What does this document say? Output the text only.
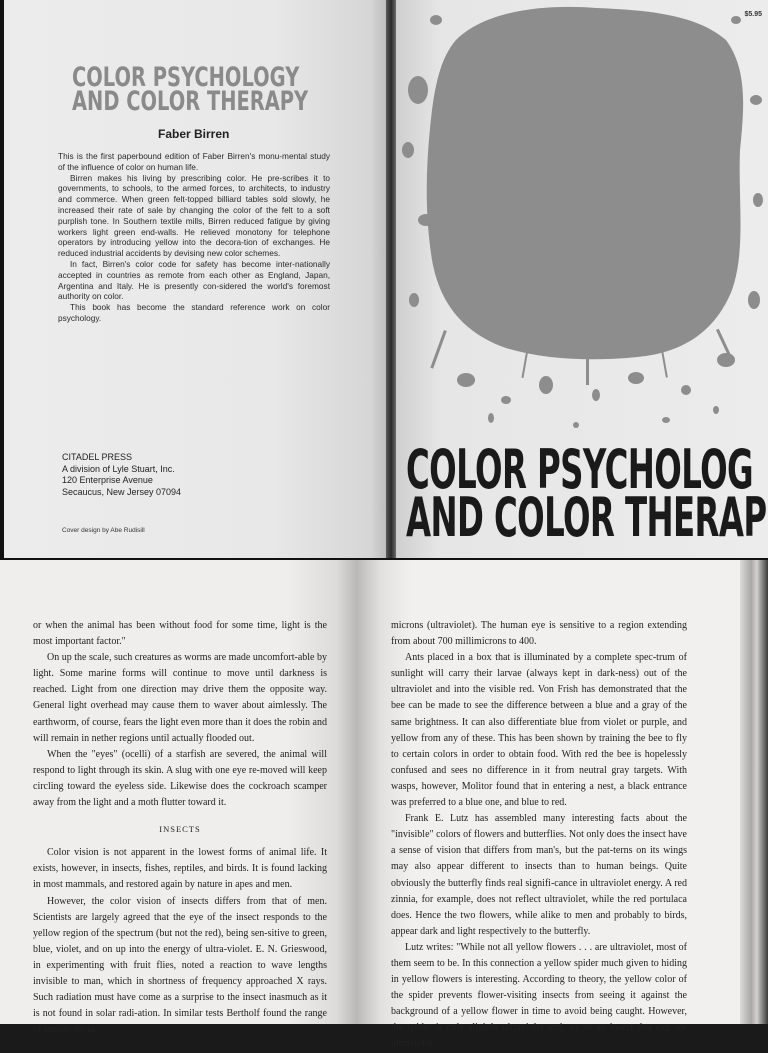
COLOR PSYCHOLOGY
AND COLOR THERAPY
Faber Birren

This is the first paperbound edition of Faber Birren's monu-mental study of the influence of color on human life.

Birren makes his living by prescribing color. He pre-scribes it to governments, to schools, to the armed forces, to architects, to industry and commerce. When green felt-topped billiard tables sold slowly, he increased their rate of sale by changing the color of the felt to a soft purplish tone. In Southern textile mills, Birren reduced fatigue by giving workers light green end-walls. He relieved monotony for telephone operators by introducing yellow into the decora-tion of exchanges. He reduced industrial accidents by devising new color schemes.

In fact, Birren's color code for safety has become inter-nationally accepted in countries as remote from each other as England, Japan, Argentina and Italy. He is presently con-sidered the world's foremost authority on color.

This book has become the standard reference work on color psychology.

CITADEL PRESS
A division of Lyle Stuart, Inc.
120 Enterprise Avenue
Secaucus, New Jersey 07094
Cover design by Abe Rudisill
$5.95
COLOR PSYCHOLOG
AND COLOR THERAP

or when the animal has been without food for some time, light is the most important factor."

On up the scale, such creatures as worms are made uncomfort-able by light. Some marine forms will continue to move until darkness is reached. Light from one direction may drive them the opposite way. General light overhead may cause them to waver about aimlessly. The earthworm, of course, fears the light even more than it does the robin and will remain in nether regions until actually flooded out.

When the "eyes" (ocelli) of a starfish are severed, the animal will respond to light through its skin. A slug with one eye re-moved will keep circling toward the eyeless side. Likewise does the cockroach scamper away from the light and a moth flutter toward it.

INSECTS

Color vision is not apparent in the lowest forms of animal life. It exists, however, in insects, fishes, reptiles, and birds. It is found lacking in most mammals, and restored again by nature in apes and men.

However, the color vision of insects differs from that of men. Scientists are largely agreed that the eye of the insect responds to the yellow region of the spectrum (but not the red), being sen-sitive to green, blue, violet, and on up into the energy of ultra-violet. E. N. Grieswood, in experimenting with fruit flies, noted a reaction to wave lengths invisible to man, which in shortness of frequency approached X rays. Such radiation must have come as a surprise to the insect inasmuch as it is not found in solar radi-ation. In similar tests Bertholf found the range of sensitivity in

microns (ultraviolet). The human eye is sensitive to a region extending from about 700 millimicrons to 400.

Ants placed in a box that is illuminated by a complete spec-trum of sunlight will carry their larvae (always kept in dark-ness) out of the ultraviolet and into the visible red. Von Frish has demonstrated that the bee can be made to see the difference between a blue and a gray of the same brightness. It can also differentiate blue from violet or purple, and yellow from any of these. This has been shown by training the bee to fly to certain colors in order to obtain food. With red the bee is hopelessly confused and sees no difference in it from neutral gray targets. With wasps, however, Molitor found that in entering a nest, a black entrance was preferred to a blue one, and blue to red.

Frank E. Lutz has assembled many interesting facts about the "invisible" colors of flowers and butterflies. Not only does the insect have a sense of vision that differs from man's, but the pat-terns on its wings may also appear different to insects than to human beings. Quite obviously the butterfly finds real signifi-cance in ultraviolet energy. A red zinnia, for example, does not reflect ultraviolet, while the red portulaca does. Hence the two flowers, while alike to men and probably to birds, appear dark and light respectively to the butterfly.

Lutz writes: "While not all yellow flowers . . . are ultraviolet, most of them seem to be. In this connection a yellow spider much given to hiding in yellow flowers is interesting. According to theory, the yellow color of the spider prevents flower-visiting insects from seeing it against the background of a yellow flower in time to avoid being caught. However, the spider is only slightly ultraviolet and, so, to an insect that can see ultraviolet
